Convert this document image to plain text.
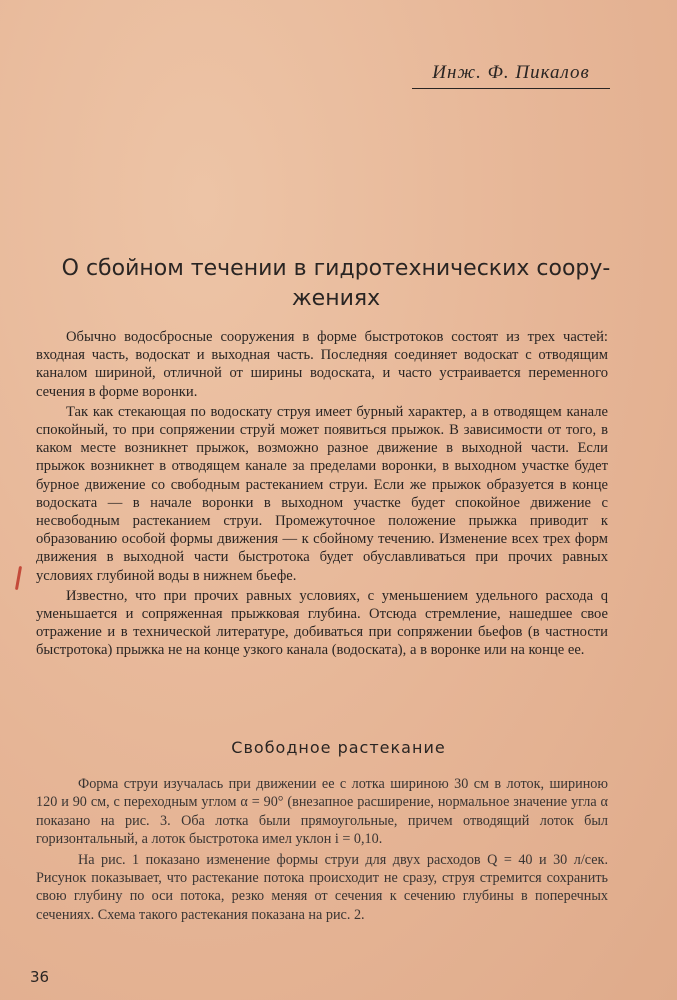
Инж. Ф. Пикалов
О сбойном течении в гидротехнических соору-
жениях

Обычно водосбросные сооружения в форме быстротоков состоят из трех частей: входная часть, водоскат и выходная часть. Последняя соединяет водоскат с отводящим каналом шириной, отличной от ширины водоската, и часто устраивается переменного сечения в форме воронки.

Так как стекающая по водоскату струя имеет бурный характер, а в отводящем канале спокойный, то при сопряжении струй может появиться прыжок. В зависимости от того, в каком месте возникнет прыжок, возможно разное движение в выходной части. Если прыжок возникнет в отводящем канале за пределами воронки, в выходном участке будет бурное движение со свободным растеканием струи. Если же прыжок образуется в конце водоската — в начале воронки в выходном участке будет спокойное движение с несвободным растеканием струи. Промежуточное положение прыжка приводит к образованию особой формы движения — к сбойному течению. Изменение всех трех форм движения в выходной части быстротока будет обуславливаться при прочих равных условиях глубиной воды в нижнем бьефе.

Известно, что при прочих равных условиях, с уменьшением удельного расхода q уменьшается и сопряженная прыжковая глубина. Отсюда стремление, нашедшее свое отражение и в технической литературе, добиваться при сопряжении бьефов (в частности быстротока) прыжка не на конце узкого канала (водоската), а в воронке или на конце ее.

Свободное растекание

Форма струи изучалась при движении ее с лотка шириною 30 см в лоток, шириною 120 и 90 см, с переходным углом α = 90° (внезапное расширение, нормальное значение угла α показано на рис. 3. Оба лотка были прямоугольные, причем отводящий лоток был горизонтальный, а лоток быстротока имел уклон i = 0,10.

На рис. 1 показано изменение формы струи для двух расходов Q = 40 и 30 л/сек. Рисунок показывает, что растекание потока происходит не сразу, струя стремится сохранить свою глубину по оси потока, резко меняя от сечения к сечению глубины в поперечных сечениях. Схема такого растекания показана на рис. 2.

36
